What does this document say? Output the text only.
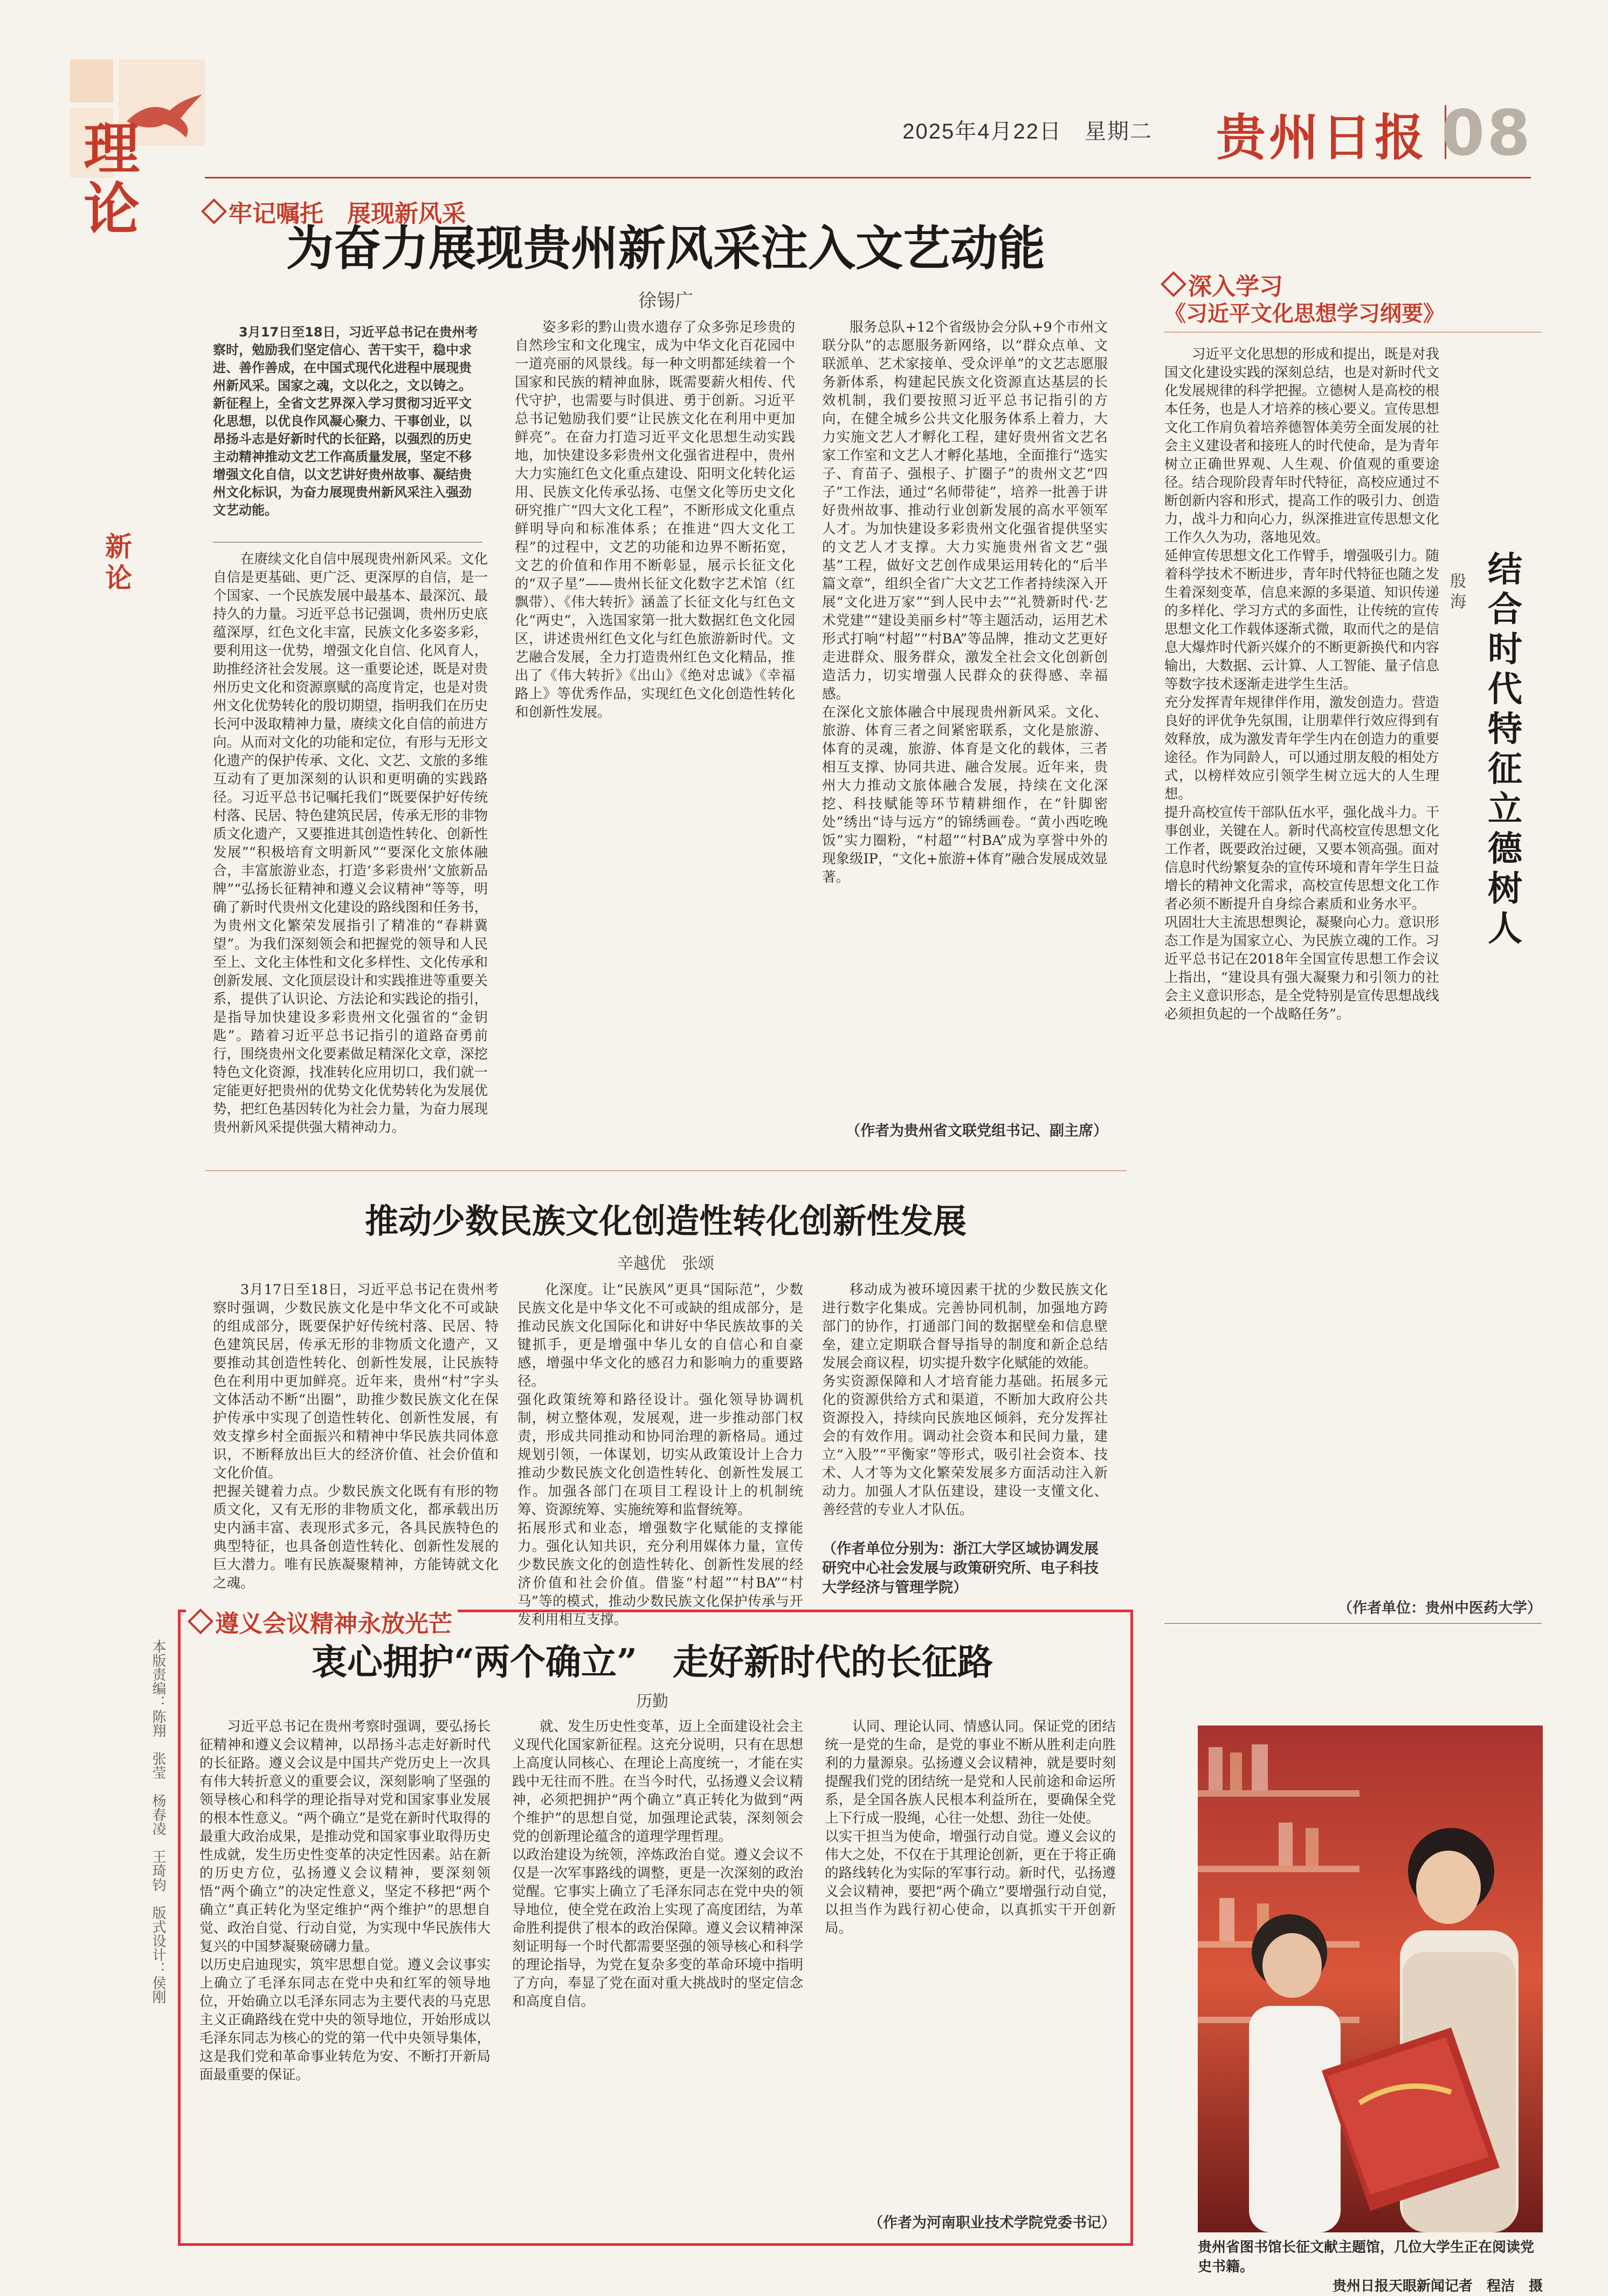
理
论
2025年4月22日　星期二 贵州日报 08
新
论
本版责编：陈翔　张莹　杨春凌　王琦钧　版式设计：侯刚
牢记嘱托　展现新风采
为奋力展现贵州新风采注入文艺动能
徐锡广
3月17日至18日，习近平总书记在贵州考察时，勉励我们坚定信心、苦干实干，稳中求进、善作善成，在中国式现代化进程中展现贵州新风采。国家之魂，文以化之，文以铸之。新征程上，全省文艺界深入学习贯彻习近平文化思想，以优良作风凝心聚力、干事创业，以昂扬斗志是好新时代的长征路，以强烈的历史主动精神推动文艺工作高质量发展，坚定不移增强文化自信，以文艺讲好贵州故事、凝结贵州文化标识，为奋力展现贵州新风采注入强劲文艺动能。
在赓续文化自信中展现贵州新风采。文化自信是更基础、更广泛、更深厚的自信，是一个国家、一个民族发展中最基本、最深沉、最持久的力量。习近平总书记强调，贵州历史底蕴深厚，红色文化丰富，民族文化多姿多彩，要利用这一优势，增强文化自信、化风育人，助推经济社会发展。这一重要论述，既是对贵州历史文化和资源禀赋的高度肯定，也是对贵州文化优势转化的殷切期望，指明我们在历史长河中汲取精神力量，赓续文化自信的前进方向。从而对文化的功能和定位，有形与无形文化遗产的保护传承、文化、文艺、文旅的多维互动有了更加深刻的认识和更明确的实践路径。习近平总书记嘱托我们“既要保护好传统村落、民居、特色建筑民居，传承无形的非物质文化遗产，又要推进其创造性转化、创新性发展”“积极培育文明新风”“要深化文旅体融合，丰富旅游业态，打造‘多彩贵州’文旅新品牌”“弘扬长征精神和遵义会议精神”等等，明确了新时代贵州文化建设的路线图和任务书，为贵州文化繁荣发展指引了精准的“春耕冀望”。为我们深刻领会和把握党的领导和人民至上、文化主体性和文化多样性、文化传承和创新发展、文化顶层设计和实践推进等重要关系，提供了认识论、方法论和实践论的指引，是指导加快建设多彩贵州文化强省的“金钥匙”。踏着习近平总书记指引的道路奋勇前行，围绕贵州文化要素做足精深化文章，深挖特色文化资源，找准转化应用切口，我们就一定能更好把贵州的优势文化优势转化为发展优势，把红色基因转化为社会力量，为奋力展现贵州新风采提供强大精神动力。
姿多彩的黔山贵水遗存了众多弥足珍贵的自然珍宝和文化瑰宝，成为中华文化百花园中一道亮丽的风景线。每一种文明都延续着一个国家和民族的精神血脉，既需要薪火相传、代代守护，也需要与时俱进、勇于创新。习近平总书记勉励我们要“让民族文化在利用中更加鲜亮”。在奋力打造习近平文化思想生动实践地，加快建设多彩贵州文化强省进程中，贵州大力实施红色文化重点建设、阳明文化转化运用、民族文化传承弘扬、屯堡文化等历史文化研究推广“四大文化工程”，不断形成文化重点鲜明导向和标准体系；在推进“四大文化工程”的过程中，文艺的功能和边界不断拓宽，文艺的价值和作用不断彰显，展示长征文化的“双子星”——贵州长征文化数字艺术馆（红飘带）、《伟大转折》涵盖了长征文化与红色文化“两史”，入选国家第一批大数据红色文化园区，讲述贵州红色文化与红色旅游新时代。文艺融合发展，全力打造贵州红色文化精品，推出了《伟大转折》《出山》《绝对忠诚》《幸福路上》等优秀作品，实现红色文化创造性转化和创新性发展。
服务总队+12个省级协会分队+9个市州文联分队”的志愿服务新网络，以“群众点单、文联派单、艺术家接单、受众评单”的文艺志愿服务新体系，构建起民族文化资源直达基层的长效机制，我们要按照习近平总书记指引的方向，在健全城乡公共文化服务体系上着力，大力实施文艺人才孵化工程，建好贵州省文艺名家工作室和文艺人才孵化基地，全面推行“选实子、育苗子、强根子、扩圈子”的贵州文艺“四子”工作法，通过“名师带徒”，培养一批善于讲好贵州故事、推动行业创新发展的高水平领军人才。为加快建设多彩贵州文化强省提供坚实的文艺人才支撑。大力实施贵州省文艺“强基”工程，做好文艺创作成果运用转化的“后半篇文章”，组织全省广大文艺工作者持续深入开展“文化进万家”“到人民中去”“礼赞新时代·艺术党建”“建设美丽乡村”等主题活动，运用艺术形式打响“村超”“村BA”等品牌，推动文艺更好走进群众、服务群众，激发全社会文化创新创造活力，切实增强人民群众的获得感、幸福感。
在深化文旅体融合中展现贵州新风采。文化、旅游、体育三者之间紧密联系，文化是旅游、体育的灵魂，旅游、体育是文化的载体，三者相互支撑、协同共进、融合发展。近年来，贵州大力推动文旅体融合发展，持续在文化深挖、科技赋能等环节精耕细作，在“针脚密处”绣出“诗与远方”的锦绣画卷。“黄小西吃晚饭”实力圈粉，“村超”“村BA”成为享誉中外的现象级IP，“文化+旅游+体育”融合发展成效显著。
（作者为贵州省文联党组书记、副主席）
推动少数民族文化创造性转化创新性发展
辛越优　张颂
3月17日至18日，习近平总书记在贵州考察时强调，少数民族文化是中华文化不可或缺的组成部分，既要保护好传统村落、民居、特色建筑民居，传承无形的非物质文化遗产，又要推动其创造性转化、创新性发展，让民族特色在利用中更加鲜亮。近年来，贵州“村”字头文体活动不断“出圈”，助推少数民族文化在保护传承中实现了创造性转化、创新性发展，有效支撑乡村全面振兴和精神中华民族共同体意识，不断释放出巨大的经济价值、社会价值和文化价值。
把握关键着力点。少数民族文化既有有形的物质文化，又有无形的非物质文化，都承载出历史内涵丰富、表现形式多元，各具民族特色的典型特征，也具备创造性转化、创新性发展的巨大潜力。唯有民族凝聚精神，方能铸就文化之魂。
化深度。让“民族风”更具“国际范”，少数民族文化是中华文化不可或缺的组成部分，是推动民族文化国际化和讲好中华民族故事的关键抓手，更是增强中华儿女的自信心和自豪感，增强中华文化的感召力和影响力的重要路径。
强化政策统筹和路径设计。强化领导协调机制，树立整体观，发展观，进一步推动部门权责，形成共同推动和协同治理的新格局。通过规划引领，一体谋划，切实从政策设计上合力推动少数民族文化创造性转化、创新性发展工作。加强各部门在项目工程设计上的机制统筹、资源统筹、实施统筹和监督统筹。
拓展形式和业态，增强数字化赋能的支撑能力。强化认知共识，充分利用媒体力量，宣传少数民族文化的创造性转化、创新性发展的经济价值和社会价值。借鉴“村超”“村BA”“村马”等的模式，推动少数民族文化保护传承与开发利用相互支撑。
移动成为被环境因素干扰的少数民族文化进行数字化集成。完善协同机制，加强地方跨部门的协作，打通部门间的数据壁垒和信息壁垒，建立定期联合督导指导的制度和新企总结发展会商议程，切实提升数字化赋能的效能。
务实资源保障和人才培育能力基础。拓展多元化的资源供给方式和渠道，不断加大政府公共资源投入，持续向民族地区倾斜，充分发挥社会的有效作用。调动社会资本和民间力量，建立“入股”“平衡家”等形式，吸引社会资本、技术、人才等为文化繁荣发展多方面活动注入新动力。加强人才队伍建设，建设一支懂文化、善经营的专业人才队伍。
（作者单位分别为：浙江大学区域协调发展研究中心社会发展与政策研究所、电子科技大学经济与管理学院）
遵义会议精神永放光芒
衷心拥护“两个确立”　走好新时代的长征路
历勤
习近平总书记在贵州考察时强调，要弘扬长征精神和遵义会议精神，以昂扬斗志走好新时代的长征路。遵义会议是中国共产党历史上一次具有伟大转折意义的重要会议，深刻影响了坚强的领导核心和科学的理论指导对党和国家事业发展的根本性意义。“两个确立”是党在新时代取得的最重大政治成果，是推动党和国家事业取得历史性成就，发生历史性变革的决定性因素。站在新的历史方位，弘扬遵义会议精神，要深刻领悟“两个确立”的决定性意义，坚定不移把“两个确立”真正转化为坚定维护“两个维护”的思想自觉、政治自觉、行动自觉，为实现中华民族伟大复兴的中国梦凝聚磅礴力量。
以历史启迪现实，筑牢思想自觉。遵义会议事实上确立了毛泽东同志在党中央和红军的领导地位，开始确立以毛泽东同志为主要代表的马克思主义正确路线在党中央的领导地位，开始形成以毛泽东同志为核心的党的第一代中央领导集体，这是我们党和革命事业转危为安、不断打开新局面最重要的保证。
就、发生历史性变革，迈上全面建设社会主义现代化国家新征程。这充分说明，只有在思想上高度认同核心、在理论上高度统一，才能在实践中无往而不胜。在当今时代，弘扬遵义会议精神，必须把拥护“两个确立”真正转化为做到“两个维护”的思想自觉，加强理论武装，深刻领会党的创新理论蕴含的道理学理哲理。
以政治建设为统领，淬炼政治自觉。遵义会议不仅是一次军事路线的调整，更是一次深刻的政治觉醒。它事实上确立了毛泽东同志在党中央的领导地位，使全党在政治上实现了高度团结，为革命胜利提供了根本的政治保障。遵义会议精神深刻证明每一个时代都需要坚强的领导核心和科学的理论指导，为党在复杂多变的革命环境中指明了方向，奉显了党在面对重大挑战时的坚定信念和高度自信。
认同、理论认同、情感认同。保证党的团结统一是党的生命，是党的事业不断从胜利走向胜利的力量源泉。弘扬遵义会议精神，就是要时刻提醒我们党的团结统一是党和人民前途和命运所系，是全国各族人民根本利益所在，要确保全党上下行成一股绳，心往一处想、劲往一处使。
以实干担当为使命，增强行动自觉。遵义会议的伟大之处，不仅在于其理论创新，更在于将正确的路线转化为实际的军事行动。新时代，弘扬遵义会议精神，要把“两个确立”要增强行动自觉，以担当作为践行初心使命，以真抓实干开创新局。
（作者为河南职业技术学院党委书记）
深入学习
《习近平文化思想学习纲要》
结合时代特征立德树人
殷海
习近平文化思想的形成和提出，既是对我国文化建设实践的深刻总结，也是对新时代文化发展规律的科学把握。立德树人是高校的根本任务，也是人才培养的核心要义。宣传思想文化工作肩负着培养德智体美劳全面发展的社会主义建设者和接班人的时代使命，是为青年树立正确世界观、人生观、价值观的重要途径。结合现阶段青年时代特征，高校应通过不断创新内容和形式，提高工作的吸引力、创造力，战斗力和向心力，纵深推进宣传思想文化工作久久为功，落地见效。
延伸宣传思想文化工作臂手，增强吸引力。随着科学技术不断进步，青年时代特征也随之发生着深刻变革，信息来源的多渠道、知识传递的多样化、学习方式的多面性，让传统的宣传思想文化工作载体逐渐式微，取而代之的是信息大爆炸时代新兴媒介的不断更新换代和内容输出，大数据、云计算、人工智能、量子信息等数字技术逐渐走进学生生活。
充分发挥青年规律伴作用，激发创造力。营造良好的评优争先氛围，让朋辈伴行效应得到有效释放，成为激发青年学生内在创造力的重要途径。作为同龄人，可以通过朋友般的相处方式，以榜样效应引领学生树立远大的人生理想。
提升高校宣传干部队伍水平，强化战斗力。干事创业，关键在人。新时代高校宣传思想文化工作者，既要政治过硬，又要本领高强。面对信息时代纷繁复杂的宣传环境和青年学生日益增长的精神文化需求，高校宣传思想文化工作者必须不断提升自身综合素质和业务水平。
巩固壮大主流思想舆论，凝聚向心力。意识形态工作是为国家立心、为民族立魂的工作。习近平总书记在2018年全国宣传思想工作会议上指出，“建设具有强大凝聚力和引领力的社会主义意识形态，是全党特别是宣传思想战线必须担负起的一个战略任务”。
（作者单位：贵州中医药大学）
贵州省图书馆长征文献主题馆，几位大学生正在阅读党史书籍。
贵州日报天眼新闻记者　程洁　摄
